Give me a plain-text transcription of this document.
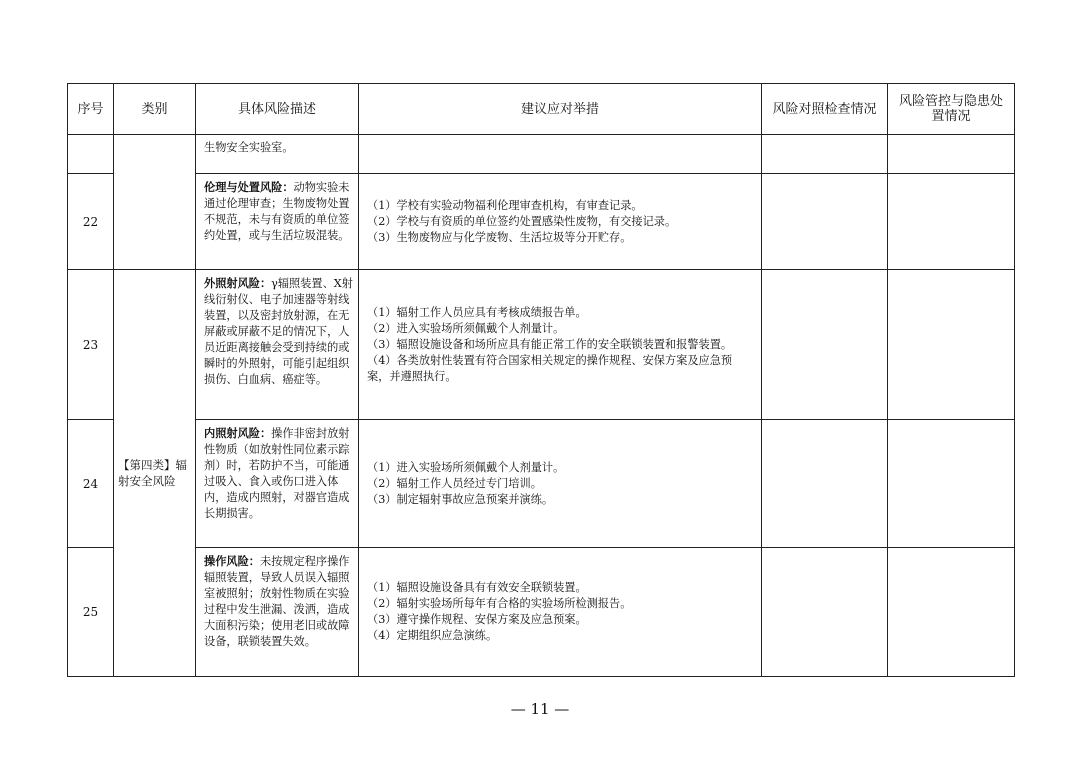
序号	类别	具体风险描述	建议应对举措	风险对照检查情况	风险管控与隐患处置情况
		生物安全实验室。			
22		伦理与处置风险：动物实验未通过伦理审查；生物废物处置不规范，未与有资质的单位签约处置，或与生活垃圾混装。	（1）学校有实验动物福利伦理审查机构，有审查记录。
（2）学校与有资质的单位签约处置感染性废物，有交接记录。
（3）生物废物应与化学废物、生活垃圾等分开贮存。		

23	【第四类】辐射安全风险	外照射风险：γ辐照装置、X射线衍射仪、电子加速器等射线装置，以及密封放射源，在无屏蔽或屏蔽不足的情况下，人员近距离接触会受到持续的或瞬时的外照射，可能引起组织损伤、白血病、癌症等。	（1）辐射工作人员应具有考核成绩报告单。
（2）进入实验场所须佩戴个人剂量计。
（3）辐照设施设备和场所应具有能正常工作的安全联锁装置和报警装置。
（4）各类放射性装置有符合国家相关规定的操作规程、安保方案及应急预案，并遵照执行。		

24		内照射风险：操作非密封放射性物质（如放射性同位素示踪剂）时，若防护不当，可能通过吸入、食入或伤口进入体内，造成内照射，对器官造成长期损害。	（1）进入实验场所须佩戴个人剂量计。
（2）辐射工作人员经过专门培训。
（3）制定辐射事故应急预案并演练。		

25		操作风险：未按规定程序操作辐照装置，导致人员误入辐照室被照射；放射性物质在实验过程中发生泄漏、泼洒，造成大面积污染；使用老旧或故障设备，联锁装置失效。	（1）辐照设施设备具有有效安全联锁装置。
（2）辐射实验场所每年有合格的实验场所检测报告。
（3）遵守操作规程、安保方案及应急预案。
（4）定期组织应急演练。		

— 11 —
